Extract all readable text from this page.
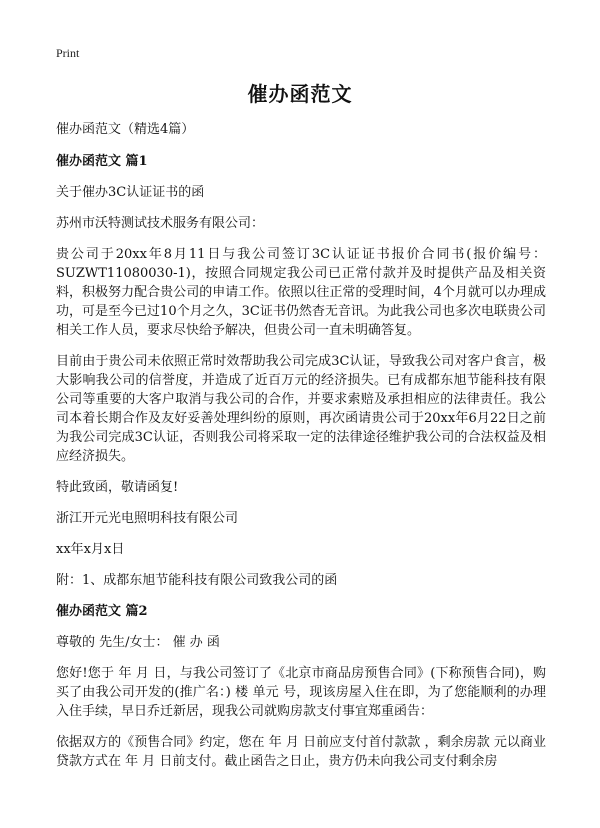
Print
催办函范文

催办函范文（精选4篇）

催办函范文 篇1

关于催办3C认证证书的函

苏州市沃特测试技术服务有限公司：

贵公司于20xx年8月11日与我公司签订3C认证证书报价合同书(报价编号：SUZWT11080030-1)，按照合同规定我公司已正常付款并及时提供产品及相关资料，积极努力配合贵公司的申请工作。依照以往正常的受理时间，4个月就可以办理成功，可是至今已过10个月之久，3C证书仍然杳无音讯。为此我公司也多次电联贵公司相关工作人员，要求尽快给予解决，但贵公司一直未明确答复。

目前由于贵公司未依照正常时效帮助我公司完成3C认证，导致我公司对客户食言，极大影响我公司的信誉度，并造成了近百万元的经济损失。已有成都东旭节能科技有限公司等重要的大客户取消与我公司的合作，并要求索赔及承担相应的法律责任。我公司本着长期合作及友好妥善处理纠纷的原则，再次函请贵公司于20xx年6月22日之前为我公司完成3C认证，否则我公司将采取一定的法律途径维护我公司的合法权益及相应经济损失。

特此致函，敬请函复!

浙江开元光电照明科技有限公司

xx年x月x日

附：1、成都东旭节能科技有限公司致我公司的函

催办函范文 篇2

尊敬的 先生/女士： 催 办 函

您好!您于 年 月 日，与我公司签订了《北京市商品房预售合同》(下称预售合同)，购买了由我公司开发的(推广名：) 楼 单元 号，现该房屋入住在即，为了您能顺利的办理入住手续，早日乔迁新居，现我公司就购房款支付事宜郑重函告：

依据双方的《预售合同》约定，您在 年 月 日前应支付首付款款 ，剩余房款 元以商业贷款方式在 年 月 日前支付。截止函告之日止，贵方仍未向我公司支付剩余房
